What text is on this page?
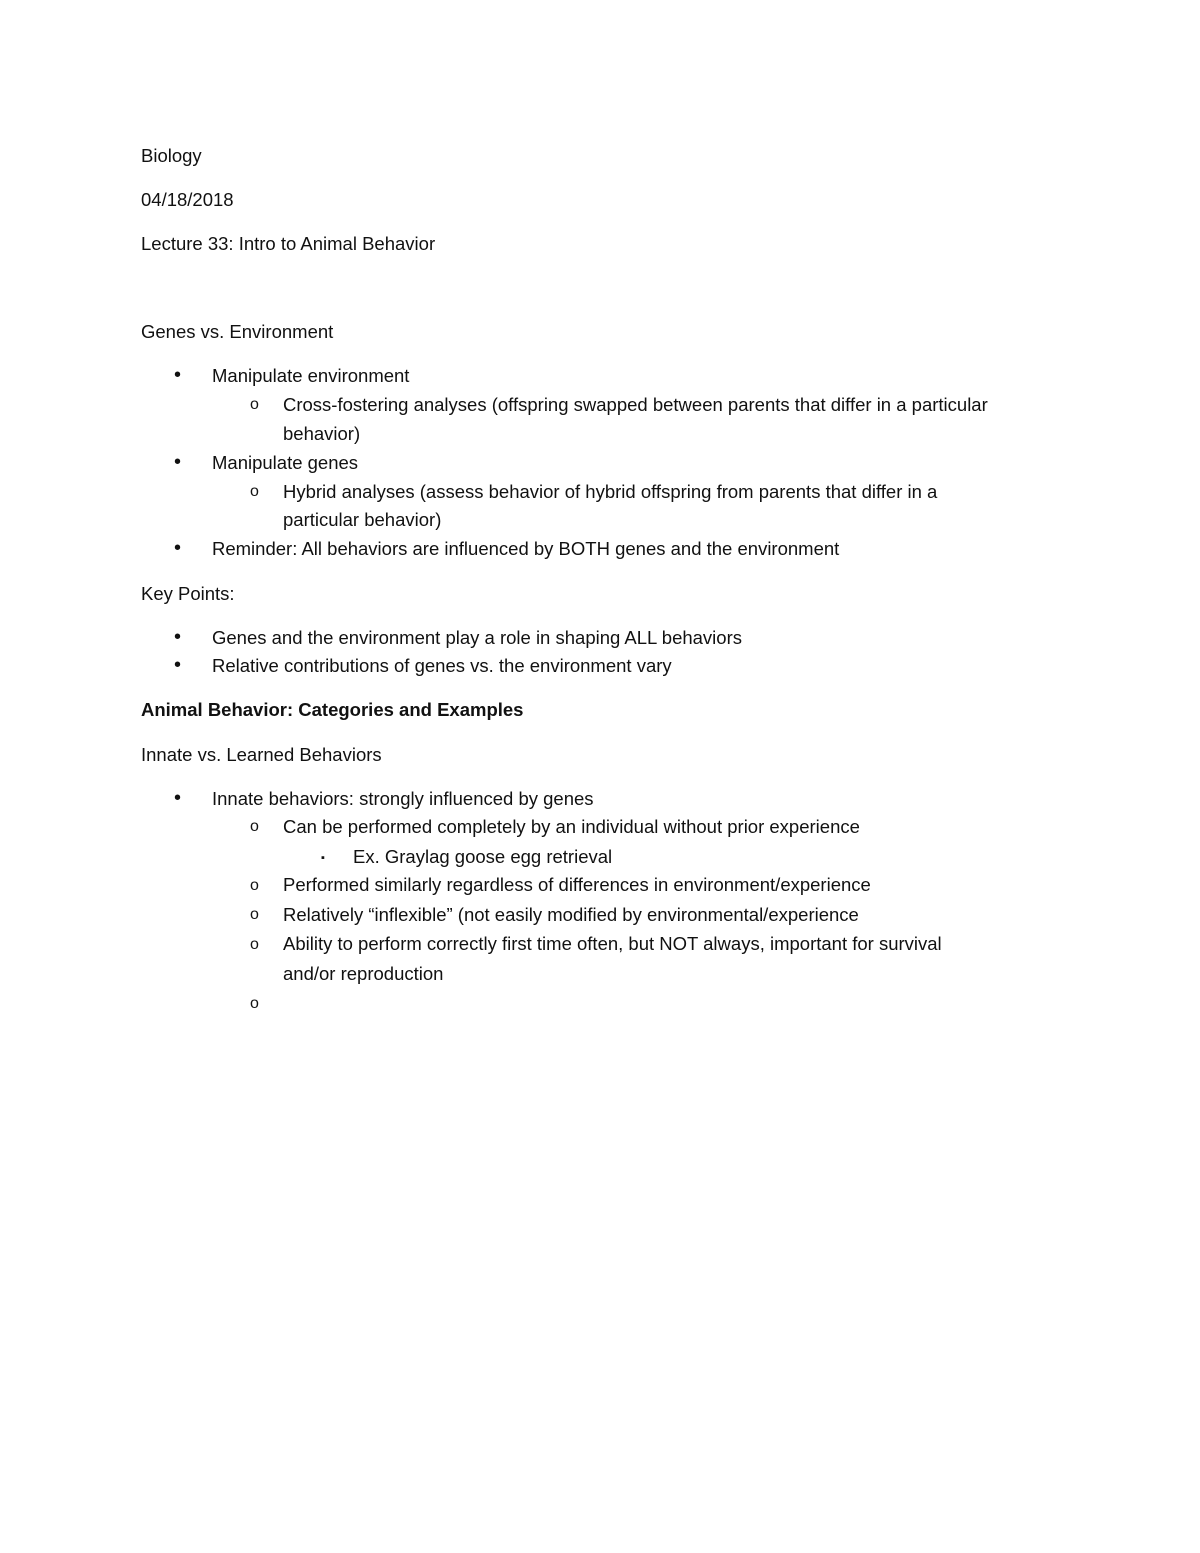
Biology
04/18/2018
Lecture 33: Intro to Animal Behavior
Genes vs. Environment
• Manipulate environment
o Cross-fostering analyses (offspring swapped between parents that differ in a particular
behavior)
• Manipulate genes
o Hybrid analyses (assess behavior of hybrid offspring from parents that differ in a
particular behavior)
• Reminder: All behaviors are influenced by BOTH genes and the environment
Key Points:
• Genes and the environment play a role in shaping ALL behaviors
• Relative contributions of genes vs. the environment vary
Animal Behavior: Categories and Examples
Innate vs. Learned Behaviors
• Innate behaviors: strongly influenced by genes
o Can be performed completely by an individual without prior experience
▪ Ex. Graylag goose egg retrieval
o Performed similarly regardless of differences in environment/experience
o Relatively “inflexible” (not easily modified by environmental/experience
o Ability to perform correctly first time often, but NOT always, important for survival
and/or reproduction
o
